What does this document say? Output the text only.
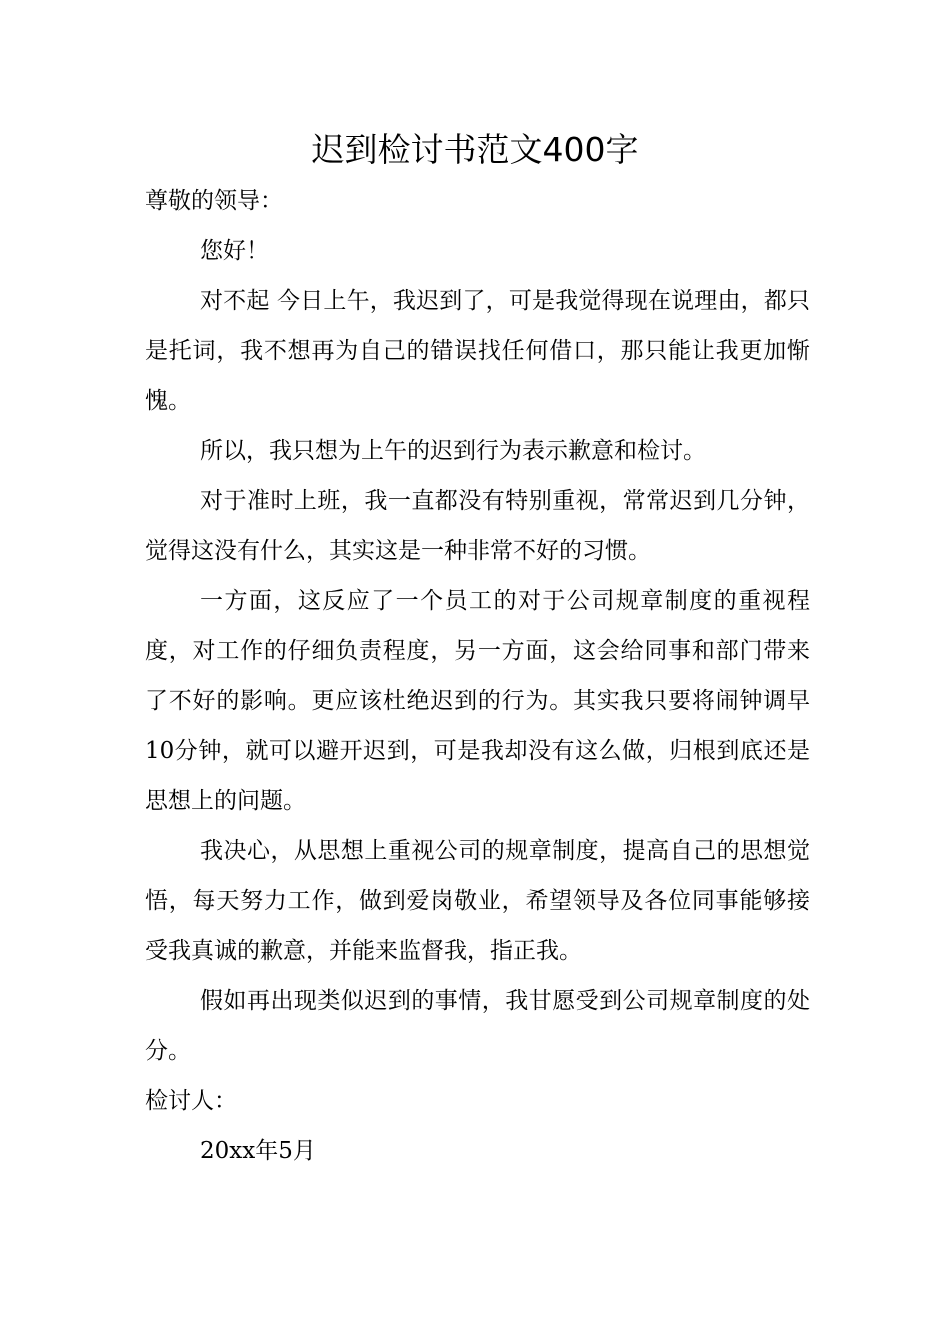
迟到检讨书范文400字

尊敬的领导：

您好！

对不起 今日上午，我迟到了，可是我觉得现在说理由，都只是托词，我不想再为自己的错误找任何借口，那只能让我更加惭愧。

所以，我只想为上午的迟到行为表示歉意和检讨。

对于准时上班，我一直都没有特别重视，常常迟到几分钟，觉得这没有什么，其实这是一种非常不好的习惯。

一方面，这反应了一个员工的对于公司规章制度的重视程度，对工作的仔细负责程度，另一方面，这会给同事和部门带来了不好的影响。更应该杜绝迟到的行为。其实我只要将闹钟调早10分钟，就可以避开迟到，可是我却没有这么做，归根到底还是思想上的问题。

我决心，从思想上重视公司的规章制度，提高自己的思想觉悟，每天努力工作，做到爱岗敬业，希望领导及各位同事能够接受我真诚的歉意，并能来监督我，指正我。

假如再出现类似迟到的事情，我甘愿受到公司规章制度的处分。

检讨人：

20xx年5月
